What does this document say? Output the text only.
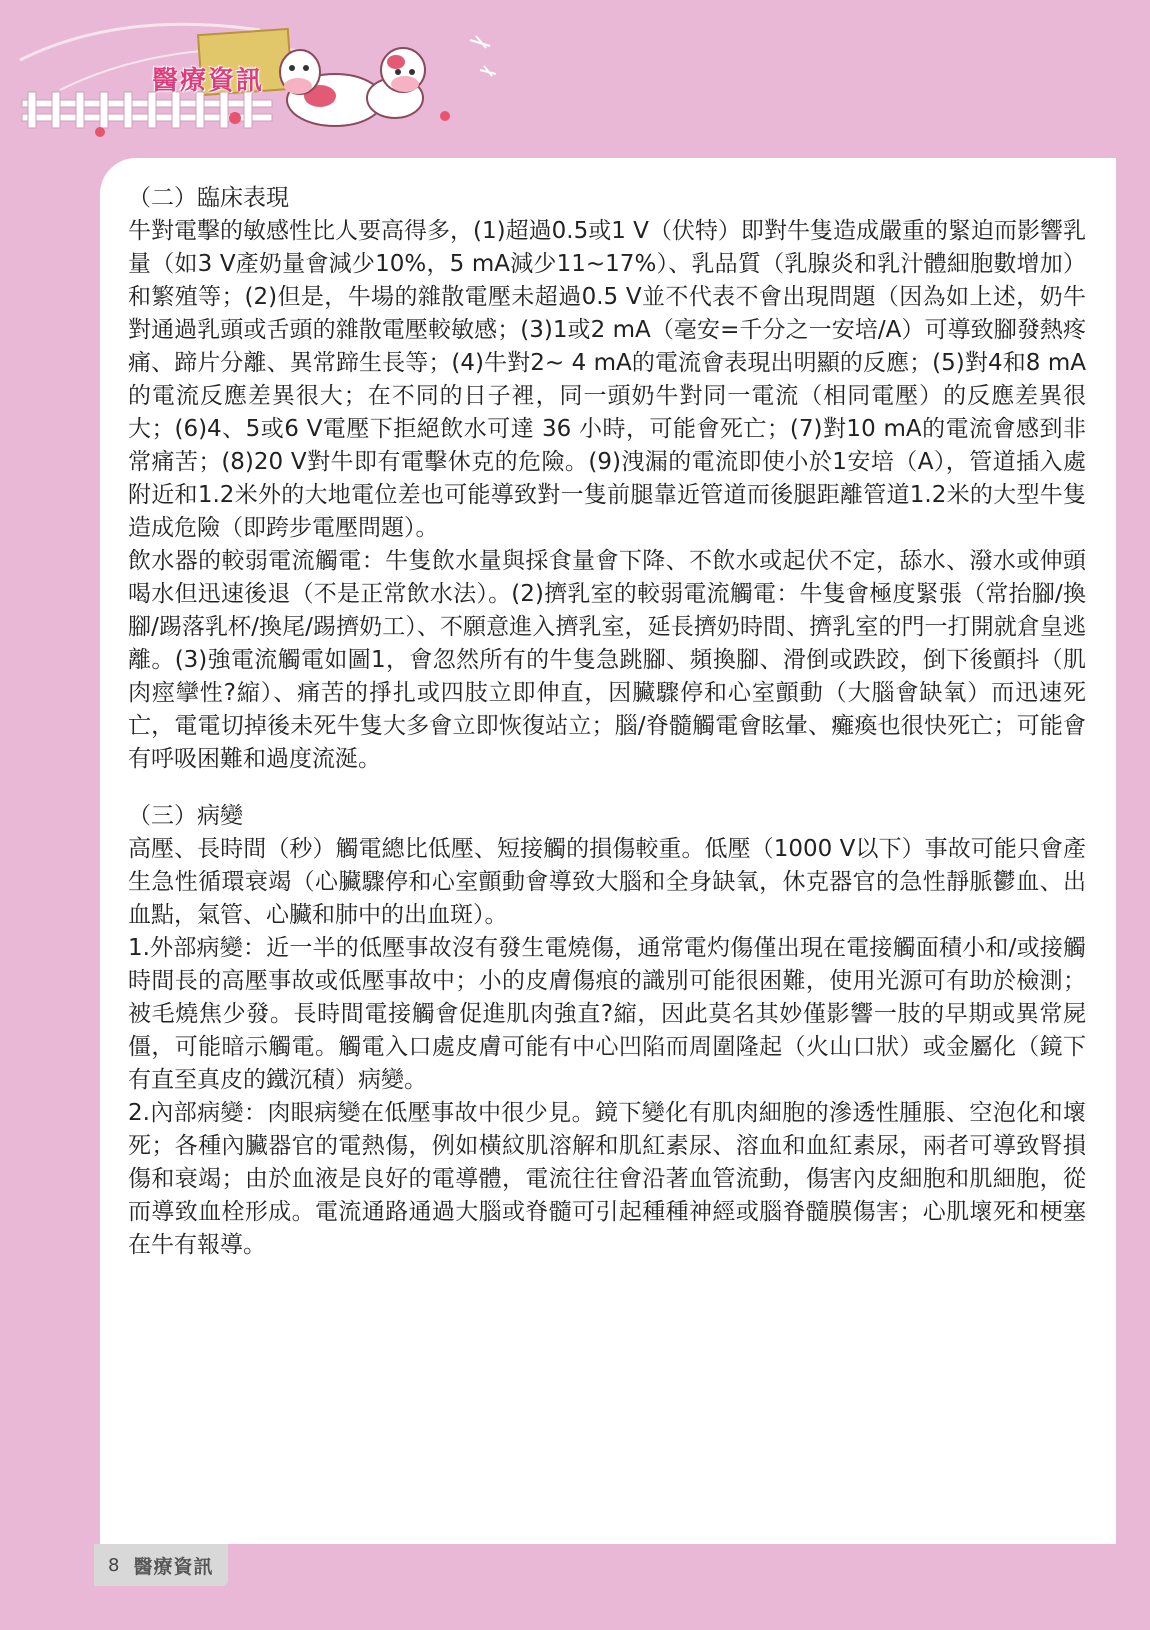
醫療資訊

（二）臨床表現

牛對電擊的敏感性比人要高得多，(1)超過0.5或1 V（伏特）即對牛隻造成嚴重的緊迫而影響乳量（如3 V產奶量會減少10%，5 mA減少11~17%）、乳品質（乳腺炎和乳汁體細胞數增加）和繁殖等；(2)但是，牛場的雜散電壓未超過0.5 V並不代表不會出現問題（因為如上述，奶牛對通過乳頭或舌頭的雜散電壓較敏感；(3)1或2 mA（毫安=千分之一安培/A）可導致腳發熱疼痛、蹄片分離、異常蹄生長等；(4)牛對2~ 4 mA的電流會表現出明顯的反應；(5)對4和8 mA的電流反應差異很大；在不同的日子裡，同一頭奶牛對同一電流（相同電壓）的反應差異很大；(6)4、5或6 V電壓下拒絕飲水可達 36 小時，可能會死亡；(7)對10 mA的電流會感到非常痛苦；(8)20 V對牛即有電擊休克的危險。(9)洩漏的電流即使小於1安培（A），管道插入處附近和1.2米外的大地電位差也可能導致對一隻前腿靠近管道而後腿距離管道1.2米的大型牛隻造成危險（即跨步電壓問題）。

飲水器的較弱電流觸電：牛隻飲水量與採食量會下降、不飲水或起伏不定，舔水、潑水或伸頭喝水但迅速後退（不是正常飲水法）。(2)擠乳室的較弱電流觸電：牛隻會極度緊張（常抬腳/換腳/踢落乳杯/換尾/踢擠奶工）、不願意進入擠乳室，延長擠奶時間、擠乳室的門一打開就倉皇逃離。(3)強電流觸電如圖1，會忽然所有的牛隻急跳腳、頻換腳、滑倒或跌跤，倒下後顫抖（肌肉痙攣性?縮）、痛苦的掙扎或四肢立即伸直，因臟驟停和心室顫動（大腦會缺氧）而迅速死亡，電電切掉後未死牛隻大多會立即恢復站立；腦/脊髓觸電會眩暈、癱瘓也很快死亡；可能會有呼吸困難和過度流涎。

（三）病變

高壓、長時間（秒）觸電總比低壓、短接觸的損傷較重。低壓（1000 V以下）事故可能只會產生急性循環衰竭（心臟驟停和心室顫動會導致大腦和全身缺氧，休克器官的急性靜脈鬱血、出血點，氣管、心臟和肺中的出血斑）。

1.外部病變：近一半的低壓事故沒有發生電燒傷，通常電灼傷僅出現在電接觸面積小和/或接觸時間長的高壓事故或低壓事故中；小的皮膚傷痕的識別可能很困難，使用光源可有助於檢測；被毛燒焦少發。長時間電接觸會促進肌肉強直?縮，因此莫名其妙僅影響一肢的早期或異常屍僵，可能暗示觸電。觸電入口處皮膚可能有中心凹陷而周圍隆起（火山口狀）或金屬化（鏡下有直至真皮的鐵沉積）病變。

2.內部病變：肉眼病變在低壓事故中很少見。鏡下變化有肌肉細胞的滲透性腫脹、空泡化和壞死；各種內臟器官的電熱傷，例如橫紋肌溶解和肌紅素尿、溶血和血紅素尿，兩者可導致腎損傷和衰竭；由於血液是良好的電導體，電流往往會沿著血管流動，傷害內皮細胞和肌細胞，從而導致血栓形成。電流通路通過大腦或脊髓可引起種種神經或腦脊髓膜傷害；心肌壞死和梗塞在牛有報導。

8 醫療資訊
